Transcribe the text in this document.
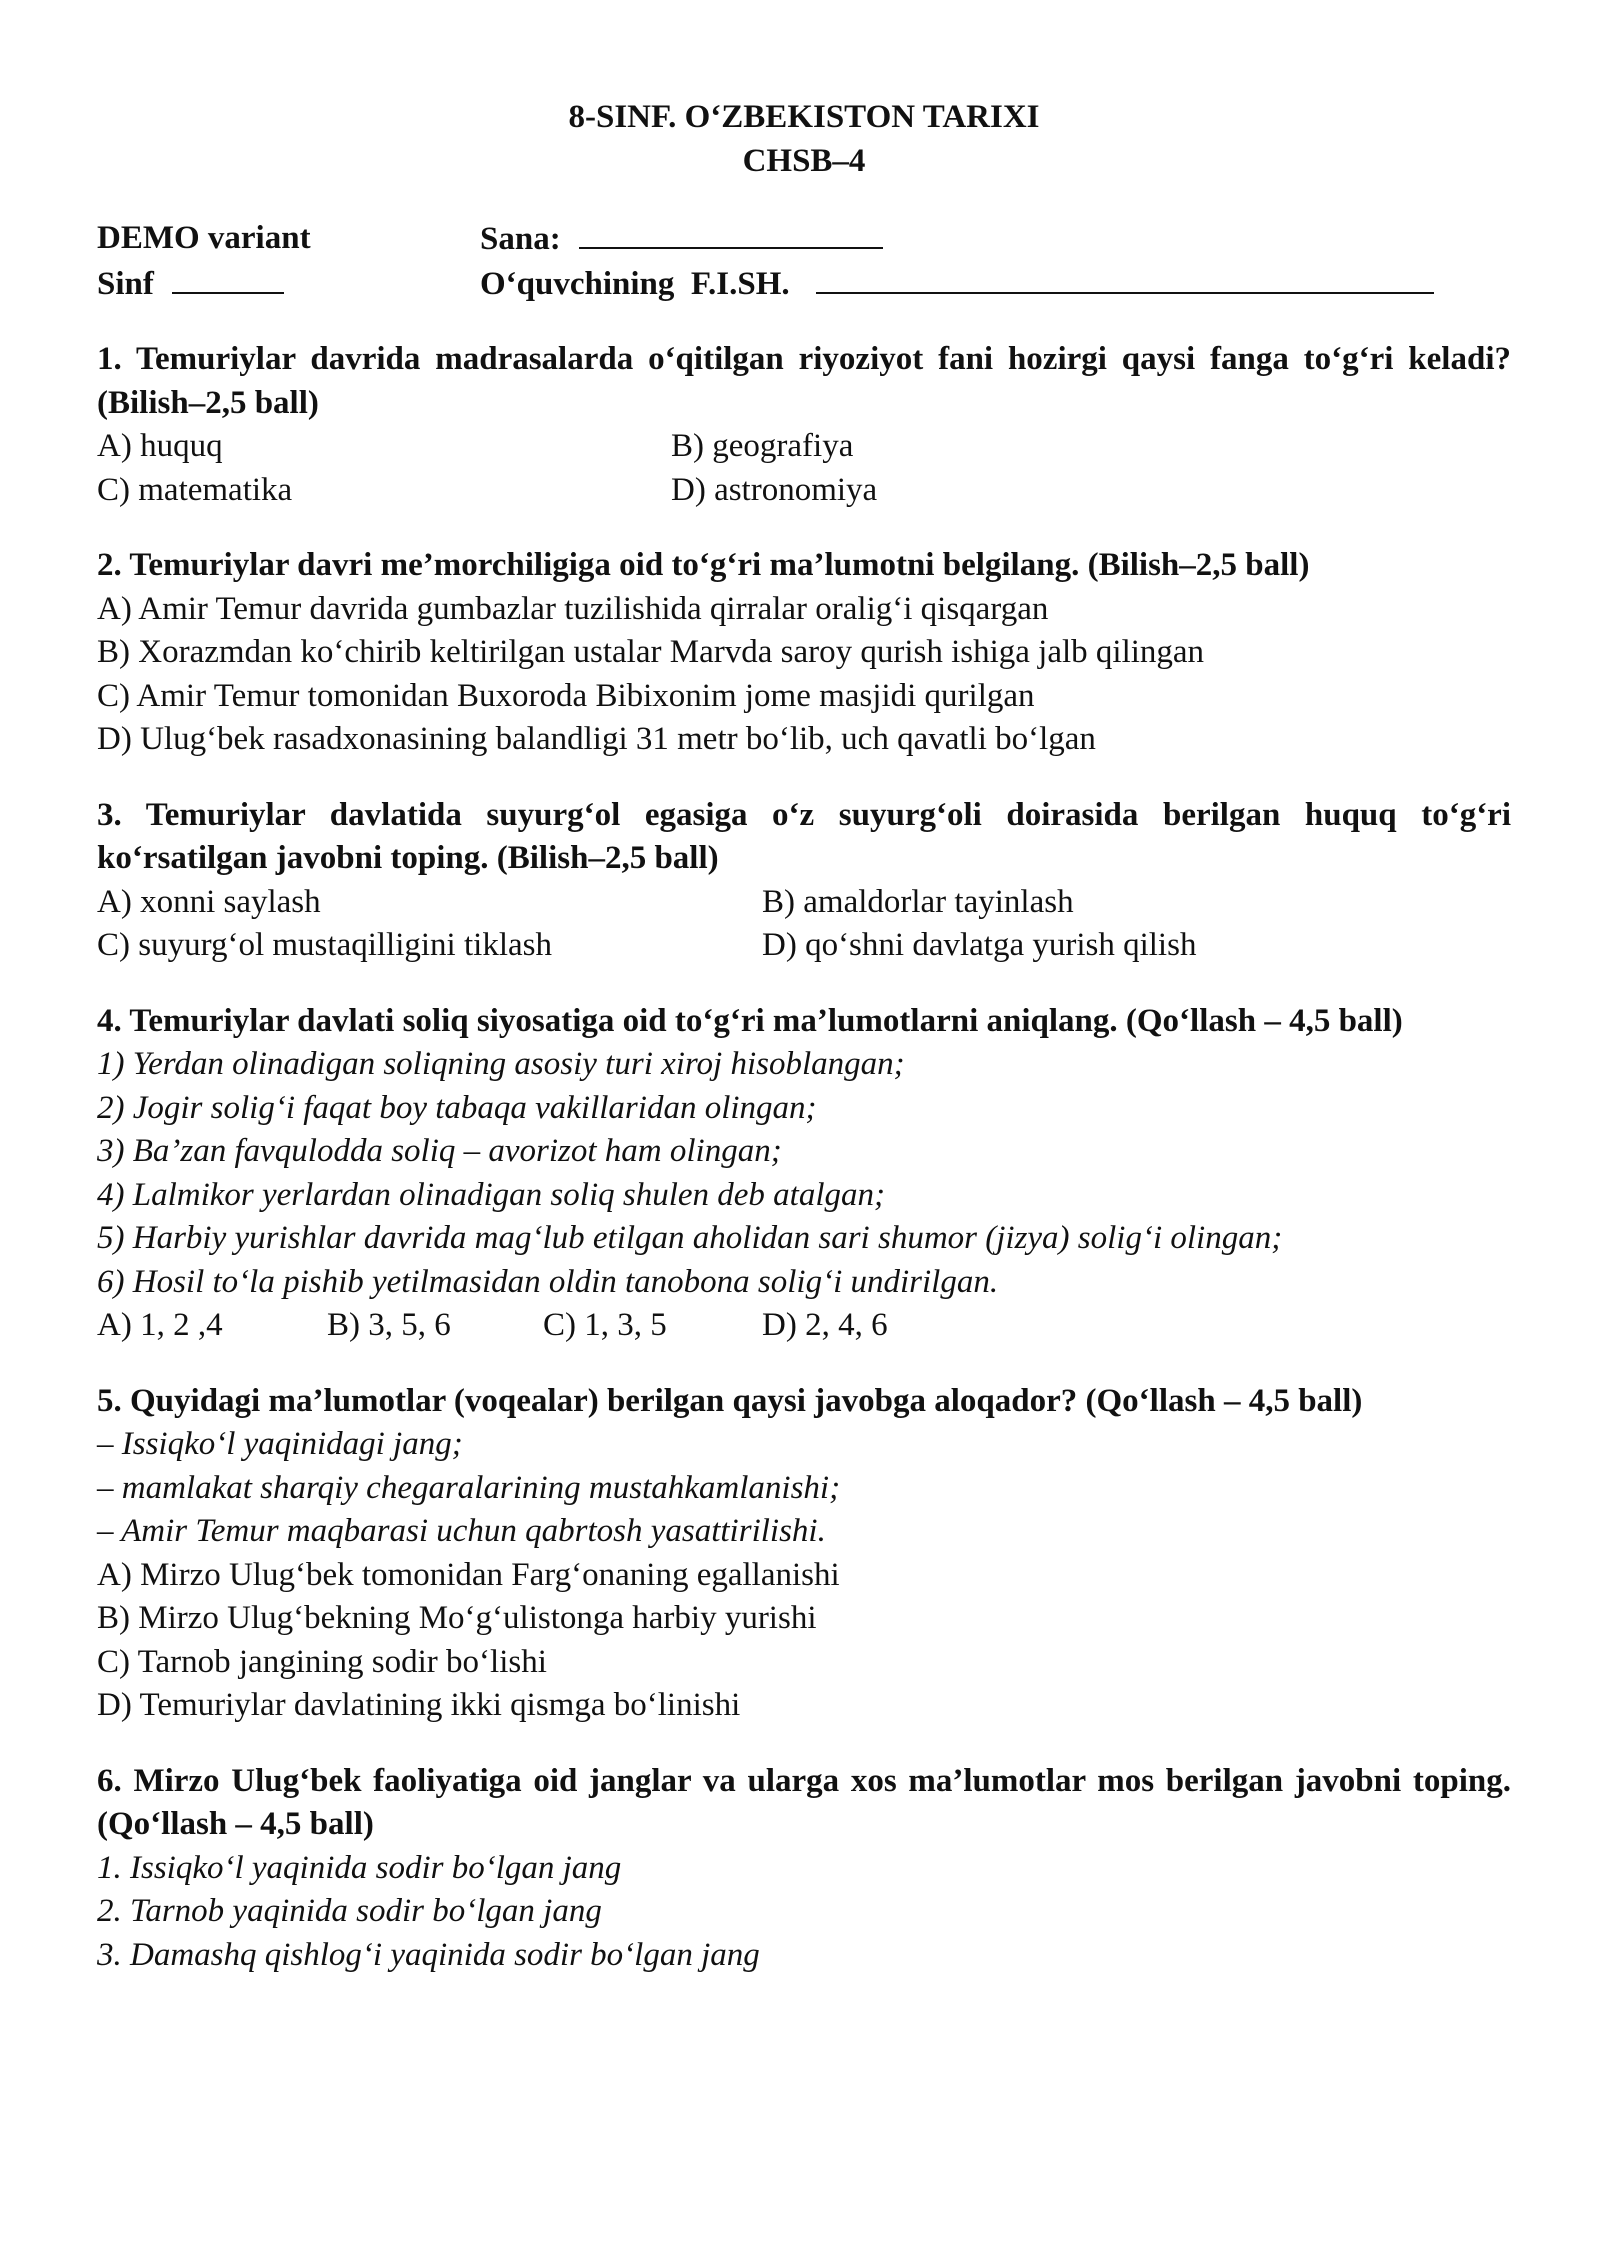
8-SINF. O‘ZBEKISTON TARIXI
CHSB–4
DEMO variant	Sana:
Sinf	O‘quvchining  F.I.SH.
1. Temuriylar davrida madrasalarda o‘qitilgan riyoziyot fani hozirgi qaysi fanga to‘g‘ri keladi? (Bilish–2,5 ball)
A) huquq	B) geografiya
C) matematika	D) astronomiya
2. Temuriylar davri me’morchiligiga oid to‘g‘ri ma’lumotni belgilang. (Bilish–2,5 ball)
A) Amir Temur davrida gumbazlar tuzilishida qirralar oralig‘i qisqargan
B) Xorazmdan ko‘chirib keltirilgan ustalar Marvda saroy qurish ishiga jalb qilingan
C) Amir Temur tomonidan Buxoroda Bibixonim jome masjidi qurilgan
D) Ulug‘bek rasadxonasining balandligi 31 metr bo‘lib, uch qavatli bo‘lgan
3. Temuriylar davlatida suyurg‘ol egasiga o‘z suyurg‘oli doirasida berilgan huquq to‘g‘ri ko‘rsatilgan javobni toping. (Bilish–2,5 ball)
A) xonni saylash	B) amaldorlar tayinlash
C) suyurg‘ol mustaqilligini tiklash	D) qo‘shni davlatga yurish qilish
4. Temuriylar davlati soliq siyosatiga oid to‘g‘ri ma’lumotlarni aniqlang. (Qo‘llash – 4,5 ball)
1) Yerdan olinadigan soliqning asosiy turi xiroj hisoblangan;
2) Jogir solig‘i faqat boy tabaqa vakillaridan olingan;
3) Ba’zan favqulodda soliq – avorizot ham olingan;
4) Lalmikor yerlardan olinadigan soliq shulen deb atalgan;
5) Harbiy yurishlar davrida mag‘lub etilgan aholidan sari shumor (jizya) solig‘i olingan;
6) Hosil to‘la pishib yetilmasidan oldin tanobona solig‘i undirilgan.
A) 1, 2 ,4	B) 3, 5, 6	C) 1, 3, 5	D) 2, 4, 6
5. Quyidagi ma’lumotlar (voqealar) berilgan qaysi javobga aloqador? (Qo‘llash – 4,5 ball)
– Issiqko‘l yaqinidagi jang;
– mamlakat sharqiy chegaralarining mustahkamlanishi;
– Amir Temur maqbarasi uchun qabrtosh yasattirilishi.
A) Mirzo Ulug‘bek tomonidan Farg‘onaning egallanishi
B) Mirzo Ulug‘bekning Mo‘g‘ulistonga harbiy yurishi
C) Tarnob jangining sodir bo‘lishi
D) Temuriylar davlatining ikki qismga bo‘linishi
6. Mirzo Ulug‘bek faoliyatiga oid janglar va ularga xos ma’lumotlar mos berilgan javobni toping. (Qo‘llash – 4,5 ball)
1. Issiqko‘l yaqinida sodir bo‘lgan jang
2. Tarnob yaqinida sodir bo‘lgan jang
3. Damashq qishlog‘i yaqinida sodir bo‘lgan jang
